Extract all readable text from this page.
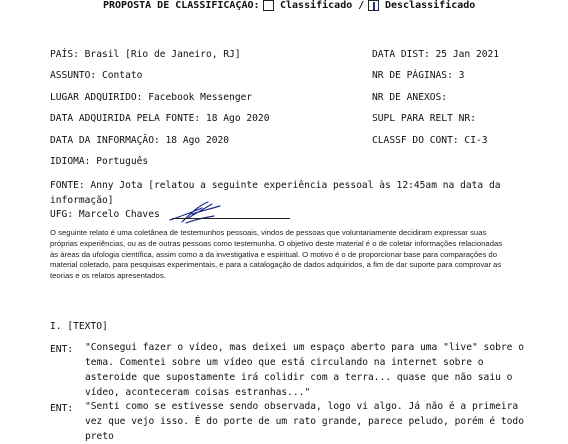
PROPOSTA DE CLASSIFICAÇÃO: Classificado / Desclassificado
PAÍS: Brasil [Rio de Janeiro, RJ]
ASSUNTO: Contato
LUGAR ADQUIRIDO: Facebook Messenger
DATA ADQUIRIDA PELA FONTE: 18 Ago 2020
DATA DA INFORMAÇÃO: 18 Ago 2020
IDIOMA: Português
DATA DIST: 25 Jan 2021
NR DE PÁGINAS: 3
NR DE ANEXOS:
SUPL PARA RELT NR:
CLASSF DO CONT: CI-3
FONTE: Anny Jota [relatou a seguinte experiência pessoal às 12:45am na data da informação]
UFG: Marcelo Chaves
O seguinte relato é uma coletânea de testemunhos pessoais, vindos de pessoas que voluntariamente decidiram expressar suas próprias experiências, ou as de outras pessoas como testemunha. O objetivo deste material é o de coletar informações relacionadas às áreas da ufologia científica, assim como a da investigativa e espiritual. O motivo é o de proporcionar base para comparações do material coletado, para pesquisas experimentais, e para a catalogação de dados adquiridos, a fim de dar suporte para comprovar as teorias e os relatos apresentados.
I. [TEXTO]
ENT: "Consegui fazer o vídeo, mas deixei um espaço aberto para uma "live" sobre o tema. Comentei sobre um vídeo que está circulando na internet sobre o asteroide que supostamente irá colidir com a terra... quase que não saiu o vídeo, aconteceram coisas estranhas..."
ENT: "Senti como se estivesse sendo observada, logo vi algo. Já não é a primeira vez que vejo isso. É do porte de um rato grande, parece peludo, porém é todo preto
